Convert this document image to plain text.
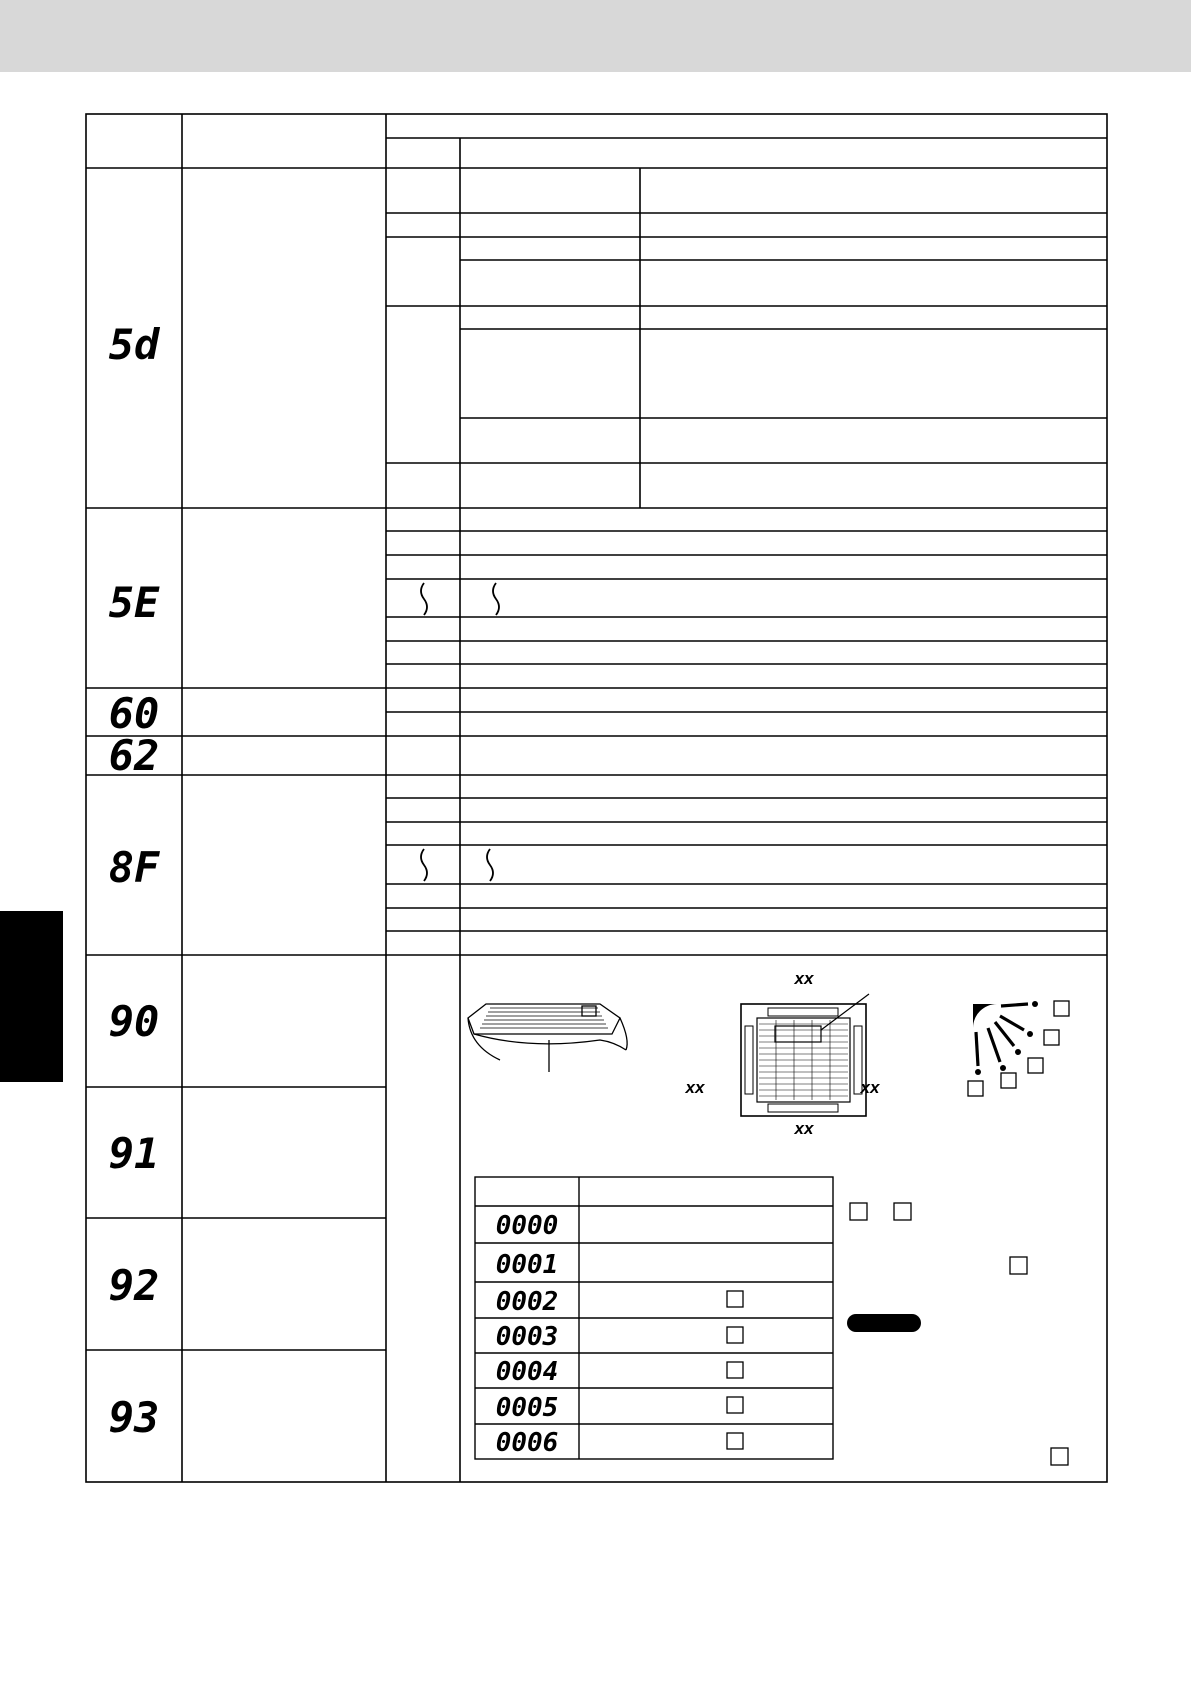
5d
5E
60
62
8F
90
91
92
93
xx
xx	xx
xx
0000
0001
0002
0003
0004
0005
0006
